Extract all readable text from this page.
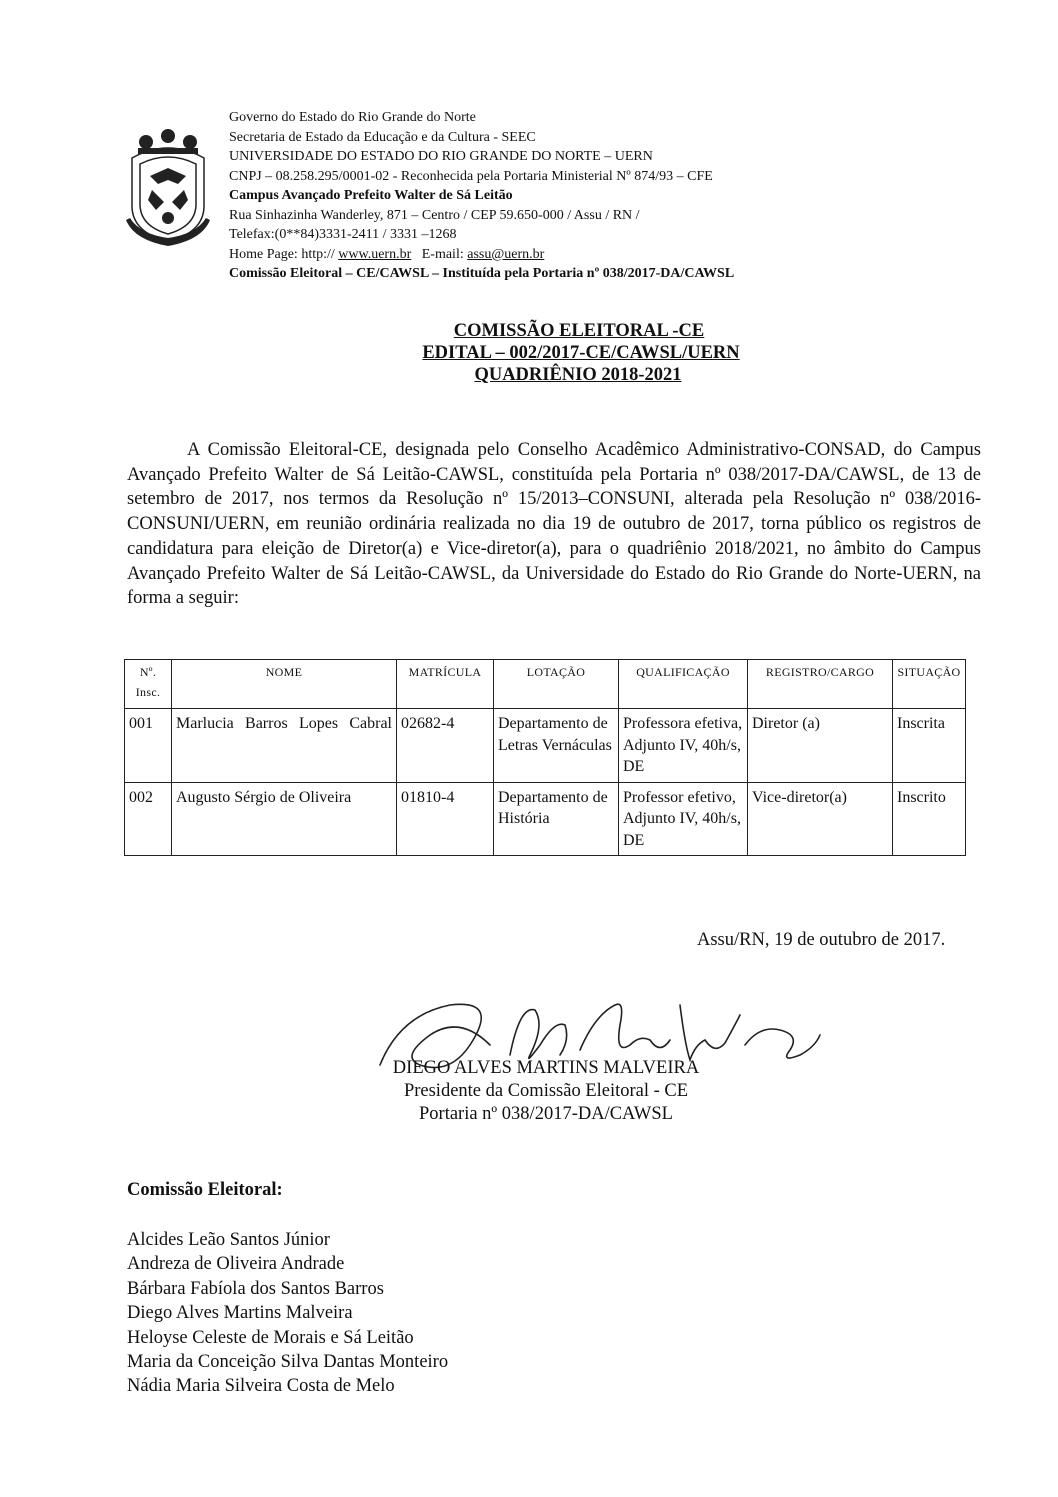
Governo do Estado do Rio Grande do Norte
Secretaria de Estado da Educação e da Cultura - SEEC
UNIVERSIDADE DO ESTADO DO RIO GRANDE DO NORTE – UERN
CNPJ – 08.258.295/0001-02 - Reconhecida pela Portaria Ministerial Nº 874/93 – CFE
Campus Avançado Prefeito Walter de Sá Leitão
Rua Sinhazinha Wanderley, 871 – Centro / CEP 59.650-000 / Assu / RN /
Telefax:(0**84)3331-2411 / 3331 –1268
Home Page: http:// www.uern.br E-mail: assu@uern.br
Comissão Eleitoral – CE/CAWSL – Instituída pela Portaria nº 038/2017-DA/CAWSL
COMISSÃO ELEITORAL -CE
EDITAL – 002/2017-CE/CAWSL/UERN
QUADRIÊNIO 2018-2021
A Comissão Eleitoral-CE, designada pelo Conselho Acadêmico Administrativo-CONSAD, do Campus Avançado Prefeito Walter de Sá Leitão-CAWSL, constituída pela Portaria nº 038/2017-DA/CAWSL, de 13 de setembro de 2017, nos termos da Resolução nº 15/2013–CONSUNI, alterada pela Resolução nº 038/2016-CONSUNI/UERN, em reunião ordinária realizada no dia 19 de outubro de 2017, torna público os registros de candidatura para eleição de Diretor(a) e Vice-diretor(a), para o quadriênio 2018/2021, no âmbito do Campus Avançado Prefeito Walter de Sá Leitão-CAWSL, da Universidade do Estado do Rio Grande do Norte-UERN, na forma a seguir:
Nº. Insc.	NOME	MATRÍCULA	LOTAÇÃO	QUALIFICAÇÃO	REGISTRO/CARGO	SITUAÇÃO
001	Marlucia Barros Lopes Cabral	02682-4	Departamento de Letras Vernáculas	Professora efetiva, Adjunto IV, 40h/s, DE	Diretor (a)	Inscrita
002	Augusto Sérgio de Oliveira	01810-4	Departamento de História	Professor efetivo, Adjunto IV, 40h/s, DE	Vice-diretor(a)	Inscrito
Assu/RN, 19 de outubro de 2017.
DIEGO ALVES MARTINS MALVEIRA
Presidente da Comissão Eleitoral - CE
Portaria nº 038/2017-DA/CAWSL
Comissão Eleitoral:
Alcides Leão Santos Júnior
Andreza de Oliveira Andrade
Bárbara Fabíola dos Santos Barros
Diego Alves Martins Malveira
Heloyse Celeste de Morais e Sá Leitão
Maria da Conceição Silva Dantas Monteiro
Nádia Maria Silveira Costa de Melo
